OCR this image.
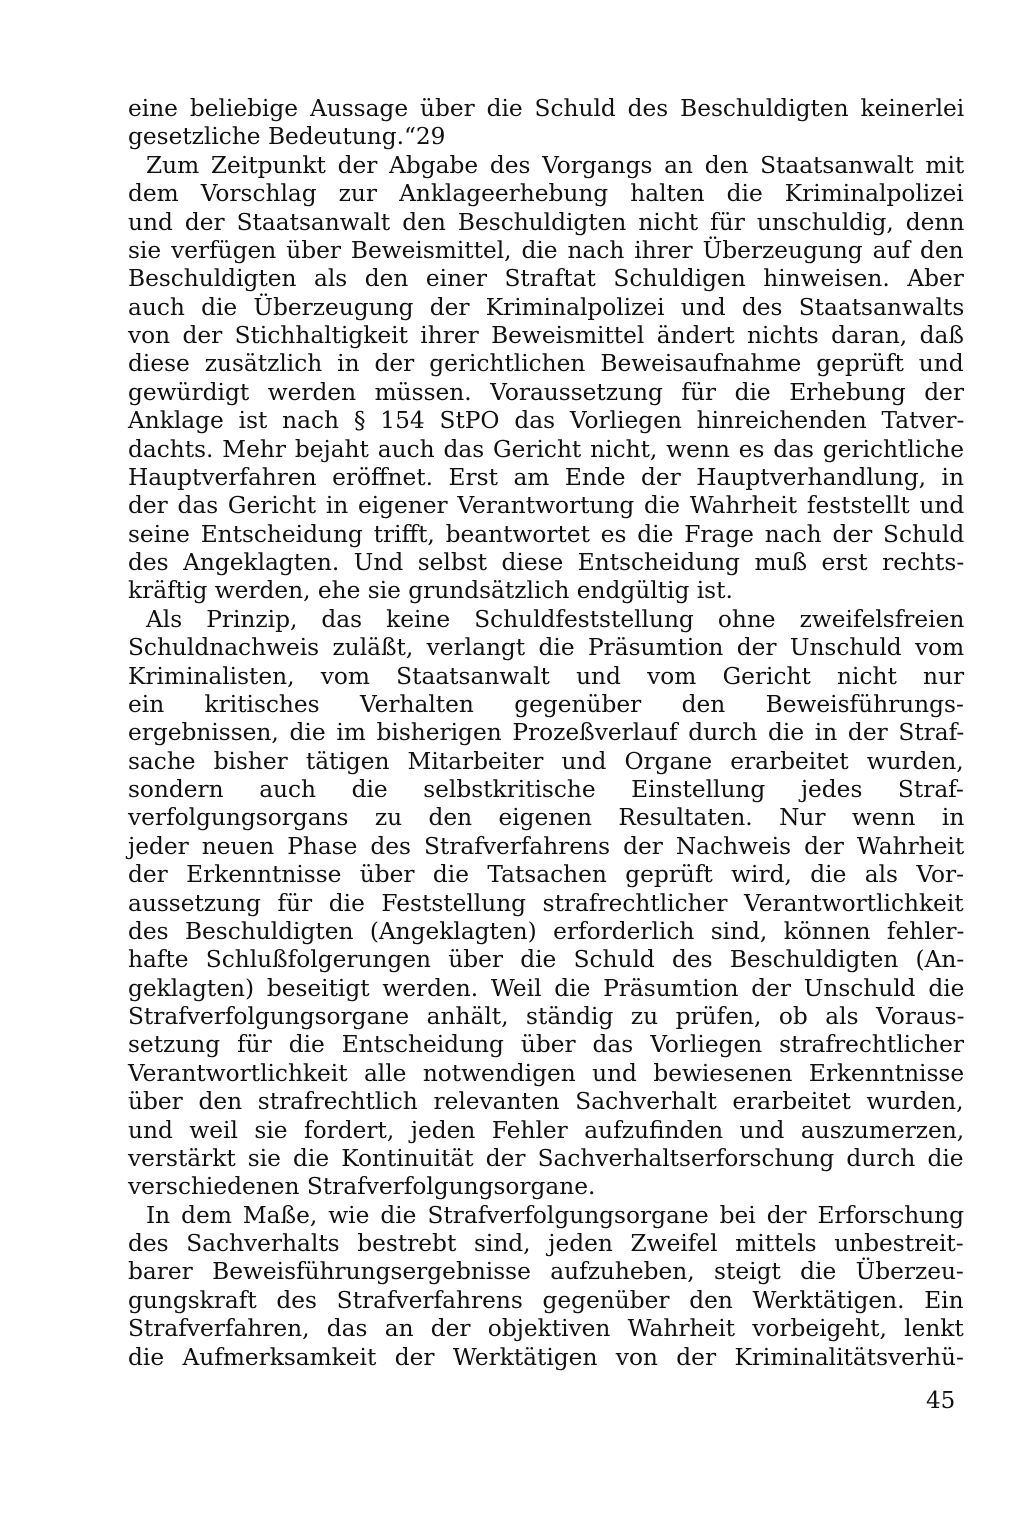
eine beliebige Aussage über die Schuld des Beschuldigten keinerlei
gesetzliche Bedeutung.“29
Zum Zeitpunkt der Abgabe des Vorgangs an den Staatsanwalt mit
dem Vorschlag zur Anklageerhebung halten die Kriminalpolizei
und der Staatsanwalt den Beschuldigten nicht für unschuldig, denn
sie verfügen über Beweismittel, die nach ihrer Überzeugung auf den
Beschuldigten als den einer Straftat Schuldigen hinweisen. Aber
auch die Überzeugung der Kriminalpolizei und des Staatsanwalts
von der Stichhaltigkeit ihrer Beweismittel ändert nichts daran, daß
diese zusätzlich in der gerichtlichen Beweisaufnahme geprüft und
gewürdigt werden müssen. Voraussetzung für die Erhebung der
Anklage ist nach § 154 StPO das Vorliegen hinreichenden Tatver-
dachts. Mehr bejaht auch das Gericht nicht, wenn es das gerichtliche
Hauptverfahren eröffnet. Erst am Ende der Hauptverhandlung, in
der das Gericht in eigener Verantwortung die Wahrheit feststellt und
seine Entscheidung trifft, beantwortet es die Frage nach der Schuld
des Angeklagten. Und selbst diese Entscheidung muß erst rechts-
kräftig werden, ehe sie grundsätzlich endgültig ist.
Als Prinzip, das keine Schuldfeststellung ohne zweifelsfreien
Schuldnachweis zuläßt, verlangt die Präsumtion der Unschuld vom
Kriminalisten, vom Staatsanwalt und vom Gericht nicht nur
ein kritisches Verhalten gegenüber den Beweisführungs-
ergebnissen, die im bisherigen Prozeßverlauf durch die in der Straf-
sache bisher tätigen Mitarbeiter und Organe erarbeitet wurden,
sondern auch die selbstkritische Einstellung jedes Straf-
verfolgungsorgans zu den eigenen Resultaten. Nur wenn in
jeder neuen Phase des Strafverfahrens der Nachweis der Wahrheit
der Erkenntnisse über die Tatsachen geprüft wird, die als Vor-
aussetzung für die Feststellung strafrechtlicher Verantwortlichkeit
des Beschuldigten (Angeklagten) erforderlich sind, können fehler-
hafte Schlußfolgerungen über die Schuld des Beschuldigten (An-
geklagten) beseitigt werden. Weil die Präsumtion der Unschuld die
Strafverfolgungsorgane anhält, ständig zu prüfen, ob als Voraus-
setzung für die Entscheidung über das Vorliegen strafrechtlicher
Verantwortlichkeit alle notwendigen und bewiesenen Erkenntnisse
über den strafrechtlich relevanten Sachverhalt erarbeitet wurden,
und weil sie fordert, jeden Fehler aufzufinden und auszumerzen,
verstärkt sie die Kontinuität der Sachverhaltserforschung durch die
verschiedenen Strafverfolgungsorgane.
In dem Maße, wie die Strafverfolgungsorgane bei der Erforschung
des Sachverhalts bestrebt sind, jeden Zweifel mittels unbestreit-
barer Beweisführungsergebnisse aufzuheben, steigt die Überzeu-
gungskraft des Strafverfahrens gegenüber den Werktätigen. Ein
Strafverfahren, das an der objektiven Wahrheit vorbeigeht, lenkt
die Aufmerksamkeit der Werktätigen von der Kriminalitätsverhü-
45
